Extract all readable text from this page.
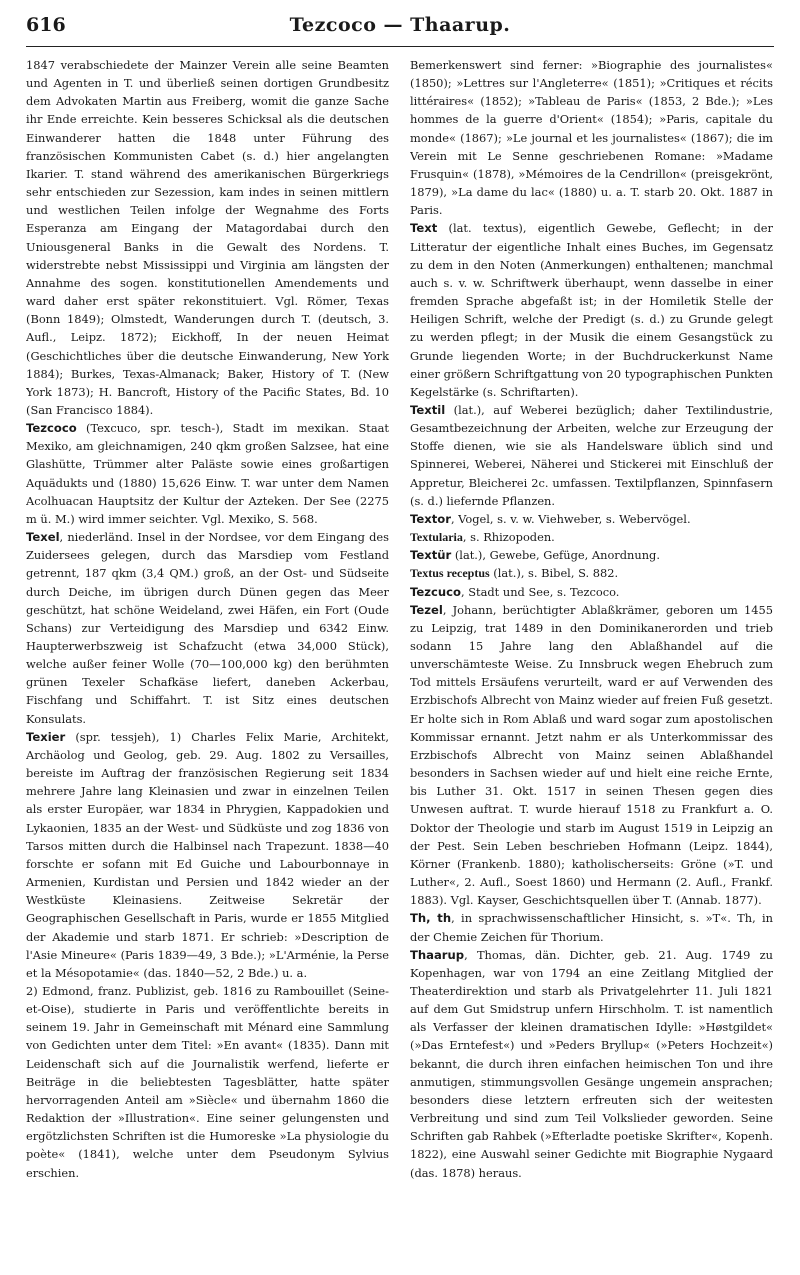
616	Tezcoco — Thaarup.

1847 verabschiedete der Mainzer Verein alle seine Beamten und Agenten in T. und überließ seinen dortigen Grundbesitz dem Advokaten Martin aus Freiberg, womit die ganze Sache ihr Ende erreichte. Kein besseres Schicksal als die deutschen Einwanderer hatten die 1848 unter Führung des französischen Kommunisten Cabet (s. d.) hier angelangten Ikarier. T. stand während des amerikanischen Bürgerkriegs sehr entschieden zur Sezession, kam indes in seinen mittlern und westlichen Teilen infolge der Wegnahme des Forts Esperanza am Eingang der Matagordabai durch den Uniousgeneral Banks in die Gewalt des Nordens. T. widerstrebte nebst Mississippi und Virginia am längsten der Annahme des sogen. konstitutionellen Amendements und ward daher erst später rekonstituiert. Vgl. Römer, Texas (Bonn 1849); Olmstedt, Wanderungen durch T. (deutsch, 3. Aufl., Leipz. 1872); Eickhoff, In der neuen Heimat (Geschichtliches über die deutsche Einwanderung, New York 1884); Burkes, Texas-Almanack; Baker, History of T. (New York 1873); H. Bancroft, History of the Pacific States, Bd. 10 (San Francisco 1884).

Tezcoco (Texcuco, spr. tesch-), Stadt im mexikan. Staat Mexiko, am gleichnamigen, 240 qkm großen Salzsee, hat eine Glashütte, Trümmer alter Paläste sowie eines großartigen Aquädukts und (1880) 15,626 Einw. T. war unter dem Namen Acolhuacan Hauptsitz der Kultur der Azteken. Der See (2275 m ü. M.) wird immer seichter. Vgl. Mexiko, S. 568.

Texel, niederländ. Insel in der Nordsee, vor dem Eingang des Zuidersees gelegen, durch das Marsdiep vom Festland getrennt, 187 qkm (3,4 QM.) groß, an der Ost- und Südseite durch Deiche, im übrigen durch Dünen gegen das Meer geschützt, hat schöne Weideland, zwei Häfen, ein Fort (Oude Schans) zur Verteidigung des Marsdiep und 6342 Einw. Haupterwerbszweig ist Schafzucht (etwa 34,000 Stück), welche außer feiner Wolle (70—100,000 kg) den berühmten grünen Texeler Schafkäse liefert, daneben Ackerbau, Fischfang und Schiffahrt. T. ist Sitz eines deutschen Konsulats.

Texier (spr. tessjeh), 1) Charles Felix Marie, Architekt, Archäolog und Geolog, geb. 29. Aug. 1802 zu Versailles, bereiste im Auftrag der französischen Regierung seit 1834 mehrere Jahre lang Kleinasien und zwar in einzelnen Teilen als erster Europäer, war 1834 in Phrygien, Kappadokien und Lykaonien, 1835 an der West- und Südküste und zog 1836 von Tarsos mitten durch die Halbinsel nach Trapezunt. 1838—40 forschte er sofann mit Ed Guiche und Labourbonnaye in Armenien, Kurdistan und Persien und 1842 wieder an der Westküste Kleinasiens. Zeitweise Sekretär der Geographischen Gesellschaft in Paris, wurde er 1855 Mitglied der Akademie und starb 1871. Er schrieb: »Description de l'Asie Mineure« (Paris 1839—49, 3 Bde.); »L'Arménie, la Perse et la Mésopotamie« (das. 1840—52, 2 Bde.) u. a.

2) Edmond, franz. Publizist, geb. 1816 zu Rambouillet (Seine-et-Oise), studierte in Paris und veröffentlichte bereits in seinem 19. Jahr in Gemeinschaft mit Ménard eine Sammlung von Gedichten unter dem Titel: »En avant« (1835). Dann mit Leidenschaft sich auf die Journalistik werfend, lieferte er Beiträge in die beliebtesten Tagesblätter, hatte später hervorragenden Anteil am »Siècle« und übernahm 1860 die Redaktion der »Illustration«. Eine seiner gelungensten und ergötzlichsten Schriften ist die Humoreske »La physiologie du poète« (1841), welche unter dem Pseudonym Sylvius erschien.

Bemerkenswert sind ferner: »Biographie des journalistes« (1850); »Lettres sur l'Angleterre« (1851); »Critiques et récits littéraires« (1852); »Tableau de Paris« (1853, 2 Bde.); »Les hommes de la guerre d'Orient« (1854); »Paris, capitale du monde« (1867); »Le journal et les journalistes« (1867); die im Verein mit Le Senne geschriebenen Romane: »Madame Frusquin« (1878), »Mémoires de la Cendrillon« (preisgekrönt, 1879), »La dame du lac« (1880) u. a. T. starb 20. Okt. 1887 in Paris.

Text (lat. textus), eigentlich Gewebe, Geflecht; in der Litteratur der eigentliche Inhalt eines Buches, im Gegensatz zu dem in den Noten (Anmerkungen) enthaltenen; manchmal auch s. v. w. Schriftwerk überhaupt, wenn dasselbe in einer fremden Sprache abgefaßt ist; in der Homiletik Stelle der Heiligen Schrift, welche der Predigt (s. d.) zu Grunde gelegt zu werden pflegt; in der Musik die einem Gesangstück zu Grunde liegenden Worte; in der Buchdruckerkunst Name einer größern Schriftgattung von 20 typographischen Punkten Kegelstärke (s. Schriftarten).

Textil (lat.), auf Weberei bezüglich; daher Textilindustrie, Gesamtbezeichnung der Arbeiten, welche zur Erzeugung der Stoffe dienen, wie sie als Handelsware üblich sind und Spinnerei, Weberei, Näherei und Stickerei mit Einschluß der Appretur, Bleicherei 2c. umfassen. Textilpflanzen, Spinnfasern (s. d.) liefernde Pflanzen.

Textor, Vogel, s. v. w. Viehweber, s. Webervögel.

Textularia, s. Rhizopoden.

Textür (lat.), Gewebe, Gefüge, Anordnung.

Textus receptus (lat.), s. Bibel, S. 882.

Tezcuco, Stadt und See, s. Tezcoco.

Tezel, Johann, berüchtigter Ablaßkrämer, geboren um 1455 zu Leipzig, trat 1489 in den Dominikanerorden und trieb sodann 15 Jahre lang den Ablaßhandel auf die unverschämteste Weise. Zu Innsbruck wegen Ehebruch zum Tod mittels Ersäufens verurteilt, ward er auf Verwenden des Erzbischofs Albrecht von Mainz wieder auf freien Fuß gesetzt. Er holte sich in Rom Ablaß und ward sogar zum apostolischen Kommissar ernannt. Jetzt nahm er als Unterkommissar des Erzbischofs Albrecht von Mainz seinen Ablaßhandel besonders in Sachsen wieder auf und hielt eine reiche Ernte, bis Luther 31. Okt. 1517 in seinen Thesen gegen dies Unwesen auftrat. T. wurde hierauf 1518 zu Frankfurt a. O. Doktor der Theologie und starb im August 1519 in Leipzig an der Pest. Sein Leben beschrieben Hofmann (Leipz. 1844), Körner (Frankenb. 1880); katholischerseits: Gröne (»T. und Luther«, 2. Aufl., Soest 1860) und Hermann (2. Aufl., Frankf. 1883). Vgl. Kayser, Geschichtsquellen über T. (Annab. 1877).

Th, th, in sprachwissenschaftlicher Hinsicht, s. »T«. Th, in der Chemie Zeichen für Thorium.

Thaarup, Thomas, dän. Dichter, geb. 21. Aug. 1749 zu Kopenhagen, war von 1794 an eine Zeitlang Mitglied der Theaterdirektion und starb als Privatgelehrter 11. Juli 1821 auf dem Gut Smidstrup unfern Hirschholm. T. ist namentlich als Verfasser der kleinen dramatischen Idylle: »Høstgildet« (»Das Erntefest«) und »Peders Bryllup« (»Peters Hochzeit«) bekannt, die durch ihren einfachen heimischen Ton und ihre anmutigen, stimmungsvollen Gesänge ungemein ansprachen; besonders diese letztern erfreuten sich der weitesten Verbreitung und sind zum Teil Volkslieder geworden. Seine Schriften gab Rahbek (»Efterladte poetiske Skrifter«, Kopenh. 1822), eine Auswahl seiner Gedichte mit Biographie Nygaard (das. 1878) heraus.
